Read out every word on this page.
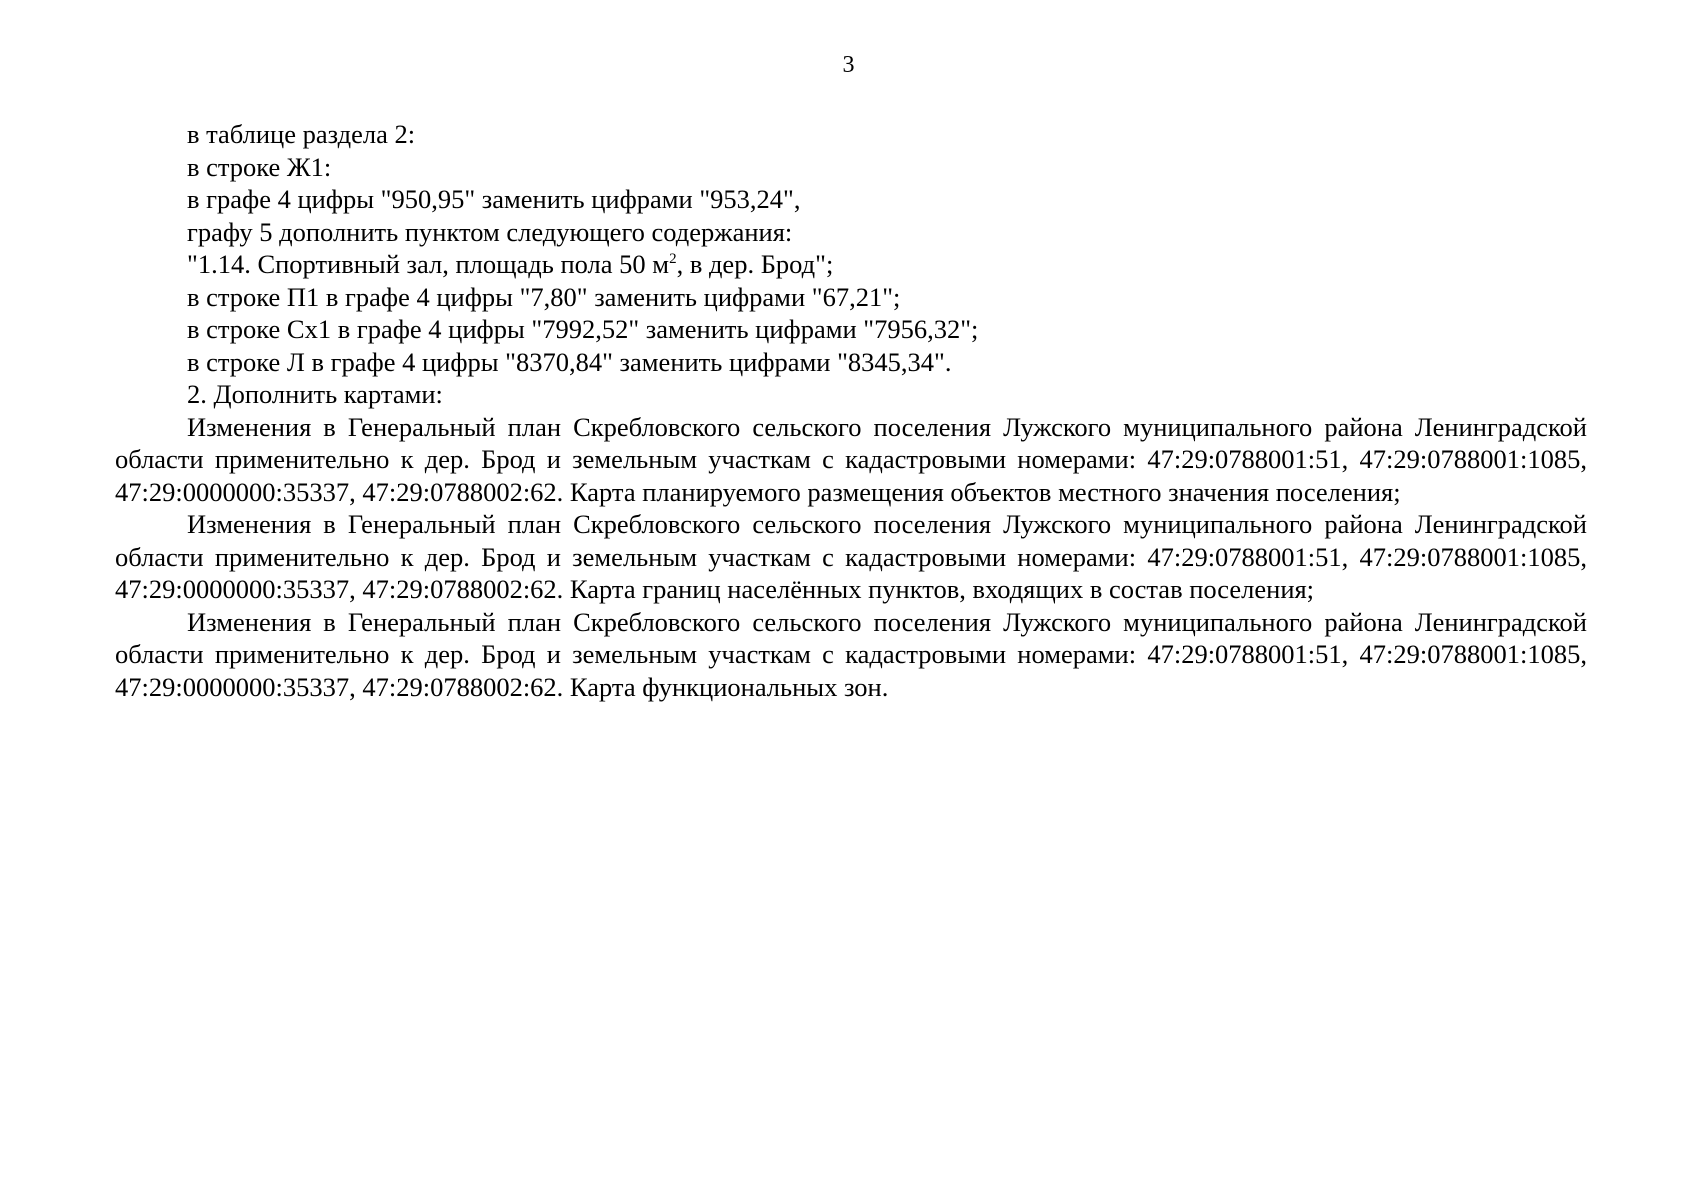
3

в таблице раздела 2:

в строке Ж1:

в графе 4 цифры "950,95" заменить цифрами "953,24",

графу 5 дополнить пунктом следующего содержания:

"1.14. Спортивный зал, площадь пола 50 $м^2$, в дер. Брод";

в строке П1 в графе 4 цифры "7,80" заменить цифрами "67,21";

в строке Сх1 в графе 4 цифры "7992,52" заменить цифрами "7956,32";

в строке Л в графе 4 цифры "8370,84" заменить цифрами "8345,34".

2. Дополнить картами:

Изменения в Генеральный план Скребловского сельского поселения Лужского муниципального района Ленинградской области применительно к дер. Брод и земельным участкам с кадастровыми номерами: 47:29:0788001:51, 47:29:0788001:1085, 47:29:0000000:35337, 47:29:0788002:62. Карта планируемого размещения объектов местного значения поселения;

Изменения в Генеральный план Скребловского сельского поселения Лужского муниципального района Ленинградской области применительно к дер. Брод и земельным участкам с кадастровыми номерами: 47:29:0788001:51, 47:29:0788001:1085, 47:29:0000000:35337, 47:29:0788002:62. Карта границ населённых пунктов, входящих в состав поселения;

Изменения в Генеральный план Скребловского сельского поселения Лужского муниципального района Ленинградской области применительно к дер. Брод и земельным участкам с кадастровыми номерами: 47:29:0788001:51, 47:29:0788001:1085, 47:29:0000000:35337, 47:29:0788002:62. Карта функциональных зон.
